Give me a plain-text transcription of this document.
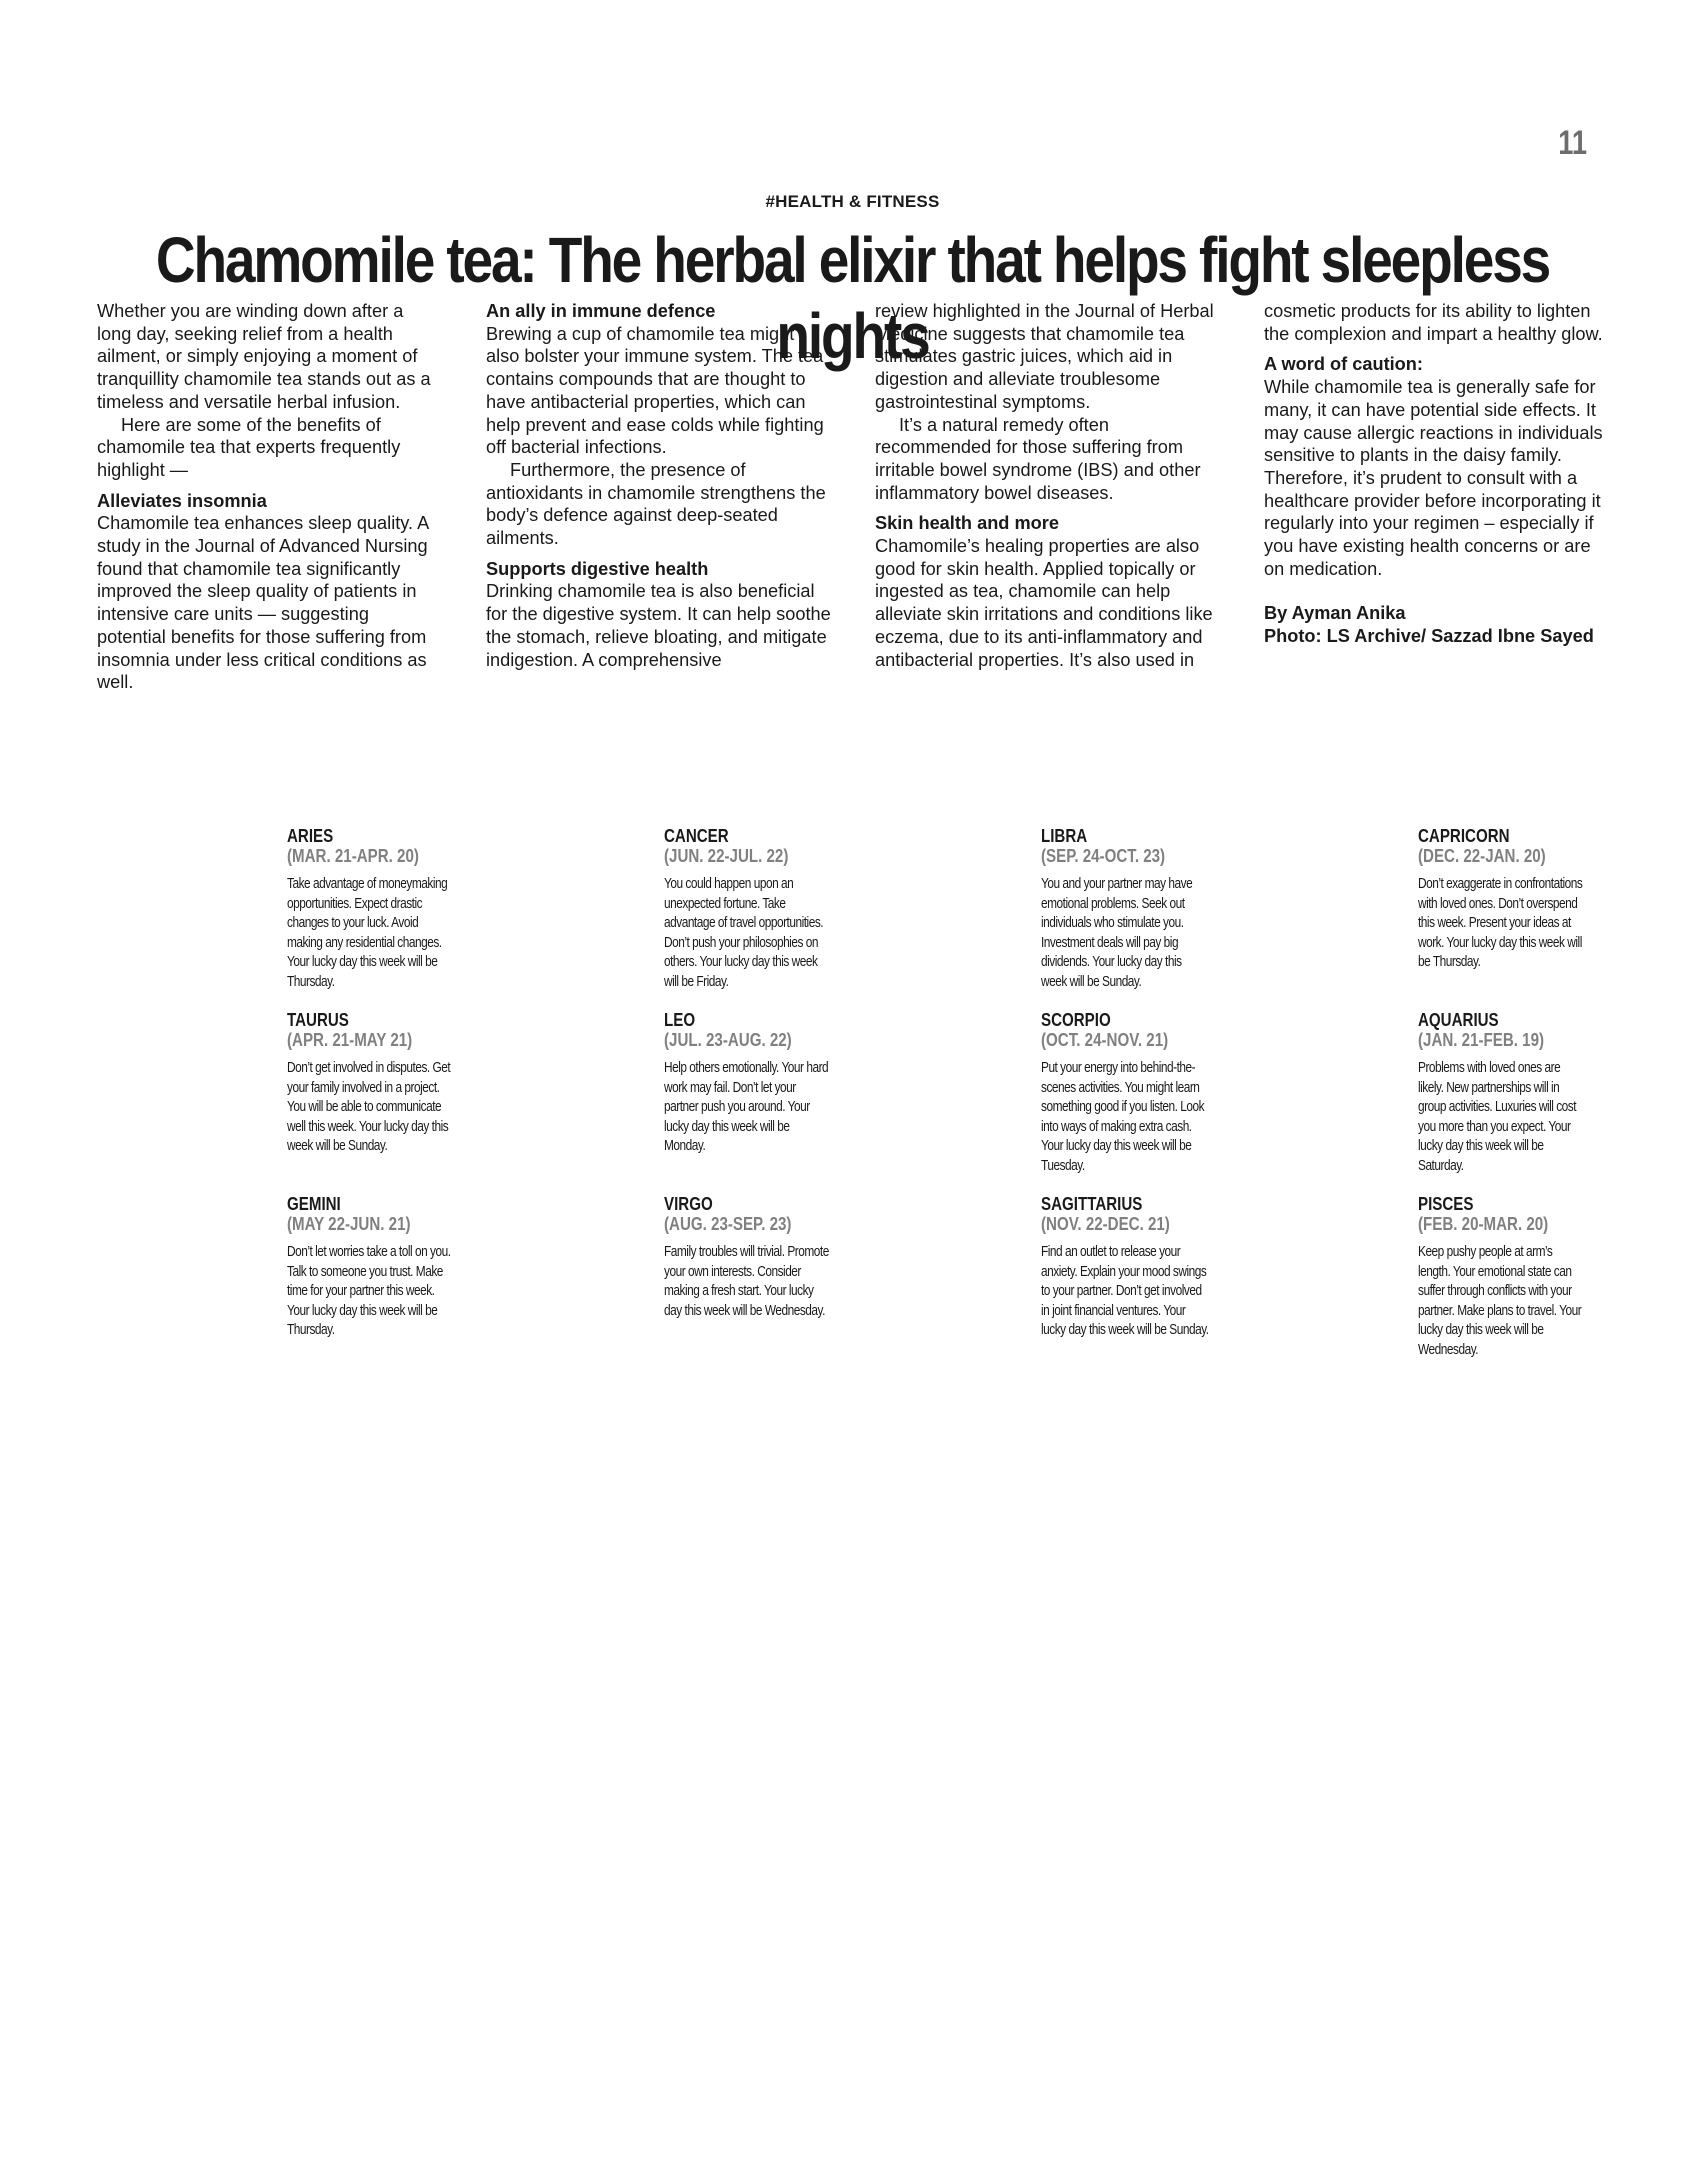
11
#HEALTH & FITNESS
Chamomile tea: The herbal elixir that helps fight sleepless nights

Whether you are winding down after a long day, seeking relief from a health ailment, or simply enjoying a moment of tranquillity chamomile tea stands out as a timeless and versatile herbal infusion.

Here are some of the benefits of chamomile tea that experts frequently highlight —

Alleviates insomnia

Chamomile tea enhances sleep quality. A study in the Journal of Advanced Nursing found that chamomile tea significantly improved the sleep quality of patients in intensive care units — suggesting potential benefits for those suffering from insomnia under less critical conditions as well.

An ally in immune defence

Brewing a cup of chamomile tea might also bolster your immune system. The tea contains compounds that are thought to have antibacterial properties, which can help prevent and ease colds while fighting off bacterial infections.

Furthermore, the presence of antioxidants in chamomile strengthens the body’s defence against deep-seated ailments.

Supports digestive health

Drinking chamomile tea is also beneficial for the digestive system. It can help soothe the stomach, relieve bloating, and mitigate indigestion. A comprehensive

review highlighted in the Journal of Herbal Medicine suggests that chamomile tea stimulates gastric juices, which aid in digestion and alleviate troublesome gastrointestinal symptoms.

It’s a natural remedy often recommended for those suffering from irritable bowel syndrome (IBS) and other inflammatory bowel diseases.

Skin health and more

Chamomile’s healing properties are also good for skin health. Applied topically or ingested as tea, chamomile can help alleviate skin irritations and conditions like eczema, due to its anti-inflammatory and antibacterial properties. It’s also used in

cosmetic products for its ability to lighten the complexion and impart a healthy glow.

A word of caution:

While chamomile tea is generally safe for many, it can have potential side effects. It may cause allergic reactions in individuals sensitive to plants in the daisy family. Therefore, it’s prudent to consult with a healthcare provider before incorporating it regularly into your regimen – especially if you have existing health concerns or are on medication.

By Ayman Anika
Photo: LS Archive/ Sazzad Ibne Sayed
ARIES
(MAR. 21-APR. 20)
Take advantage of moneymaking opportunities. Expect drastic changes to your luck. Avoid making any residential changes. Your lucky day this week will be Thursday.
CANCER
(JUN. 22-JUL. 22)
You could happen upon an unexpected fortune. Take advantage of travel opportunities. Don’t push your philosophies on others. Your lucky day this week will be Friday.
LIBRA
(SEP. 24-OCT. 23)
You and your partner may have emotional problems. Seek out individuals who stimulate you. Investment deals will pay big dividends. Your lucky day this week will be Sunday.
CAPRICORN
(DEC. 22-JAN. 20)
Don’t exaggerate in confrontations with loved ones. Don’t overspend this week. Present your ideas at work. Your lucky day this week will be Thursday.
TAURUS
(APR. 21-MAY 21)
Don’t get involved in disputes. Get your family involved in a project. You will be able to communicate well this week. Your lucky day this week will be Sunday.
LEO
(JUL. 23-AUG. 22)
Help others emotionally. Your hard work may fail. Don’t let your partner push you around. Your lucky day this week will be Monday.
SCORPIO
(OCT. 24-NOV. 21)
Put your energy into behind-the-scenes activities. You might learn something good if you listen. Look into ways of making extra cash. Your lucky day this week will be Tuesday.
AQUARIUS
(JAN. 21-FEB. 19)
Problems with loved ones are likely. New partnerships will in group activities. Luxuries will cost you more than you expect. Your lucky day this week will be Saturday.
GEMINI
(MAY 22-JUN. 21)
Don’t let worries take a toll on you. Talk to someone you trust. Make time for your partner this week. Your lucky day this week will be Thursday.
VIRGO
(AUG. 23-SEP. 23)
Family troubles will trivial. Promote your own interests. Consider making a fresh start. Your lucky day this week will be Wednesday.
SAGITTARIUS
(NOV. 22-DEC. 21)
Find an outlet to release your anxiety. Explain your mood swings to your partner. Don’t get involved in joint financial ventures. Your lucky day this week will be Sunday.
PISCES
(FEB. 20-MAR. 20)
Keep pushy people at arm’s length. Your emotional state can suffer through conflicts with your partner. Make plans to travel. Your lucky day this week will be Wednesday.
